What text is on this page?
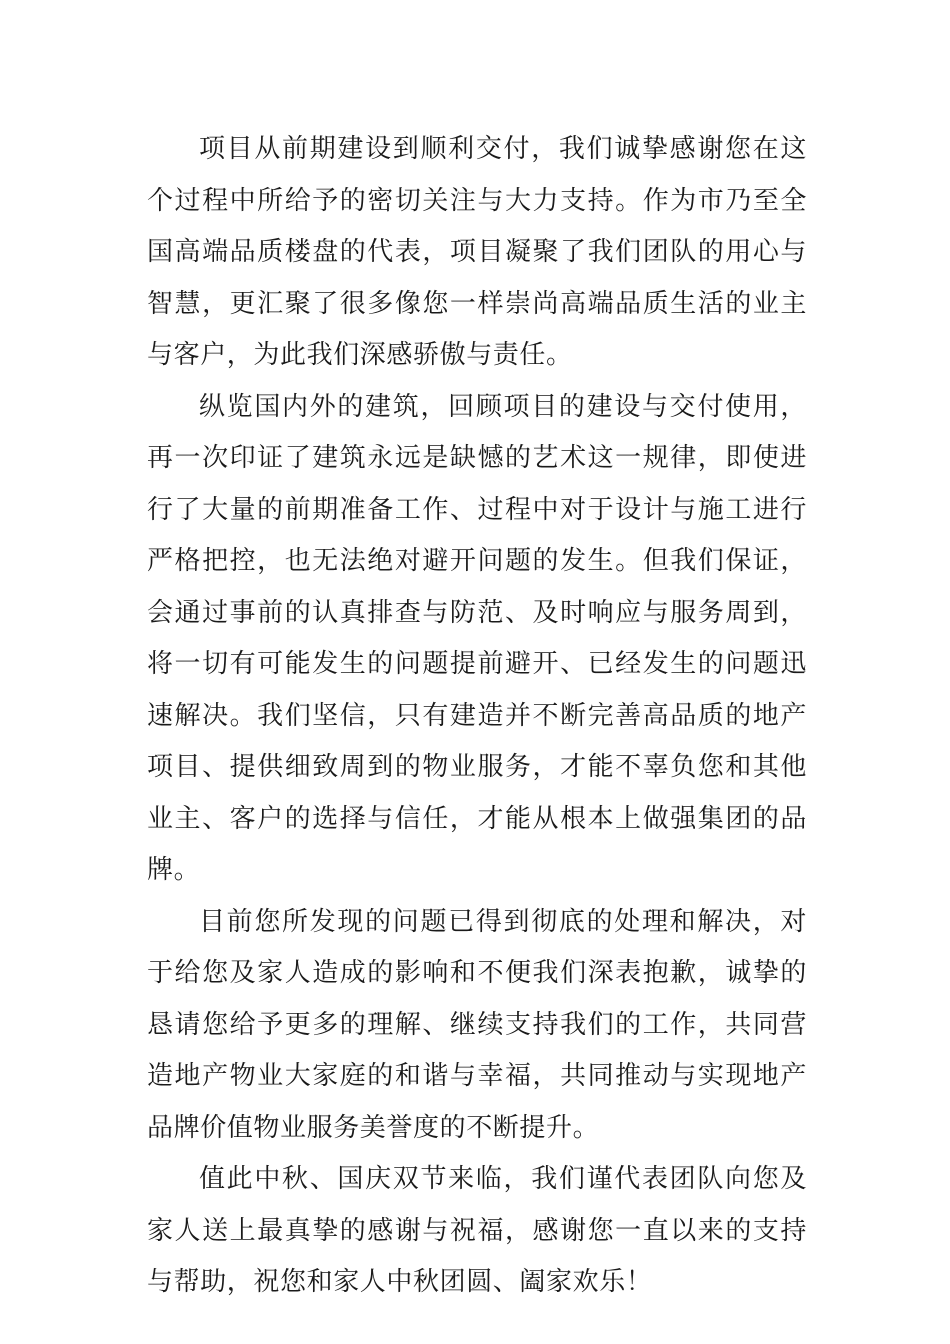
项目从前期建设到顺利交付，我们诚挚感谢您在这个过程中所给予的密切关注与大力支持。作为市乃至全国高端品质楼盘的代表，项目凝聚了我们团队的用心与智慧，更汇聚了很多像您一样崇尚高端品质生活的业主与客户，为此我们深感骄傲与责任。

纵览国内外的建筑，回顾项目的建设与交付使用，再一次印证了建筑永远是缺憾的艺术这一规律，即使进行了大量的前期准备工作、过程中对于设计与施工进行严格把控，也无法绝对避开问题的发生。但我们保证，会通过事前的认真排查与防范、及时响应与服务周到，将一切有可能发生的问题提前避开、已经发生的问题迅速解决。我们坚信，只有建造并不断完善高品质的地产项目、提供细致周到的物业服务，才能不辜负您和其他业主、客户的选择与信任，才能从根本上做强集团的品牌。

目前您所发现的问题已得到彻底的处理和解决，对于给您及家人造成的影响和不便我们深表抱歉，诚挚的恳请您给予更多的理解、继续支持我们的工作，共同营造地产物业大家庭的和谐与幸福，共同推动与实现地产品牌价值物业服务美誉度的不断提升。

值此中秋、国庆双节来临，我们谨代表团队向您及家人送上最真挚的感谢与祝福，感谢您一直以来的支持与帮助，祝您和家人中秋团圆、阖家欢乐！
